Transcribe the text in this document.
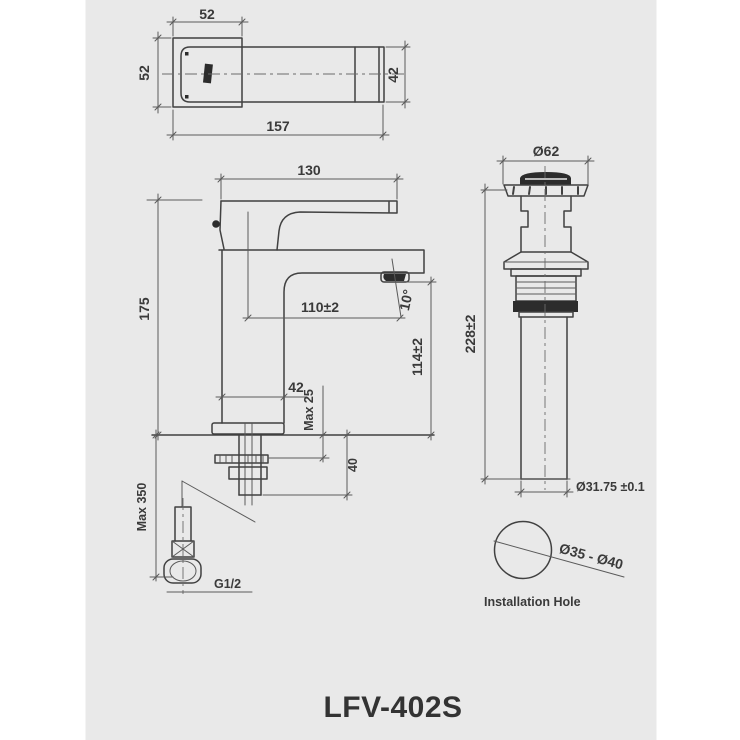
52
52
157
42
130
175	110±2	10°
114±2
42
Max 25
40
Max 350
G1/2
Ø62
228±2
Ø31.75 ±0.1
Ø35 - Ø40
Installation Hole
LFV-402S
